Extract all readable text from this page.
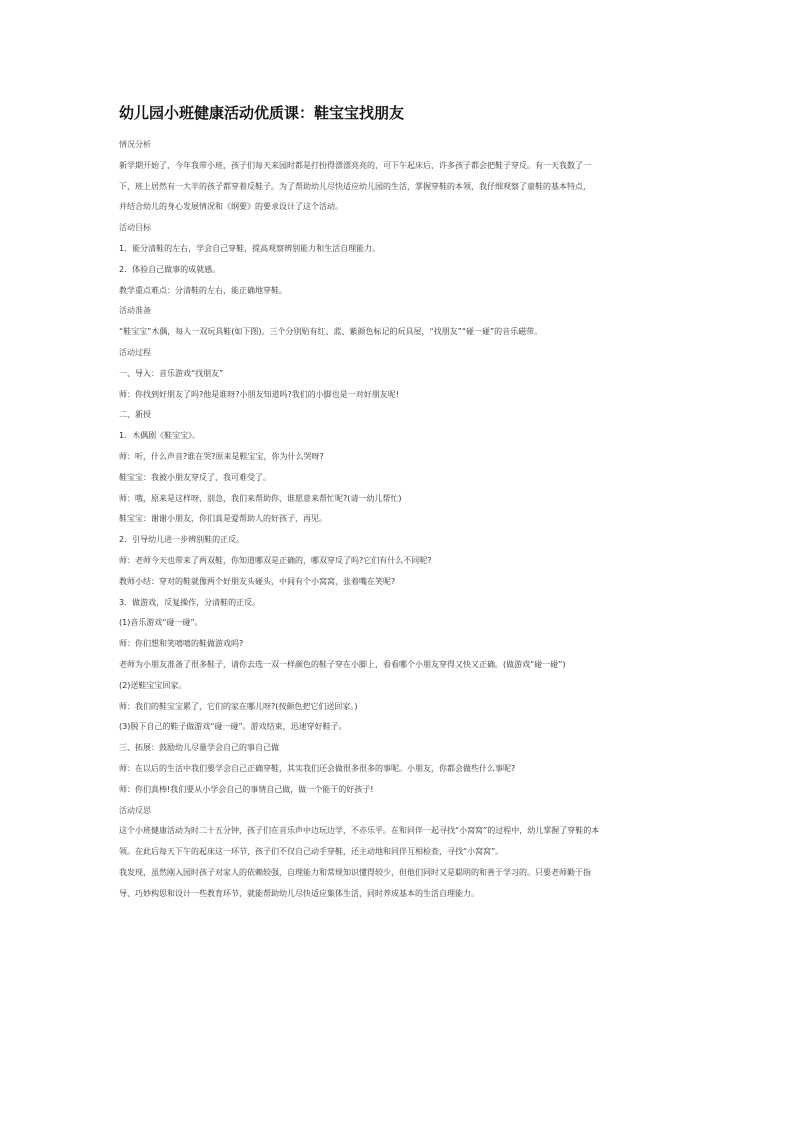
幼儿园小班健康活动优质课：鞋宝宝找朋友
情况分析
新学期开始了，今年我带小班，孩子们每天来园时都是打扮得漂漂亮亮的，可下午起床后，许多孩子都会把鞋子穿反。有一天我数了一
下，班上居然有一大半的孩子都穿着反鞋子。为了帮助幼儿尽快适应幼儿园的生活，掌握穿鞋的本领，我仔细观察了童鞋的基本特点，
并结合幼儿的身心发展情况和《纲要》的要求设计了这个活动。
活动目标
1．能分清鞋的左右，学会自己穿鞋，提高观察辨别能力和生活自理能力。
2．体验自己做事的成就感。
教学重点难点：分清鞋的左右，能正确地穿鞋。
活动准备
“鞋宝宝”木偶，每人一双玩具鞋(如下图)。三个分别贴有红、蓝、紫颜色标记的玩具屋，“找朋友”“碰一碰”的音乐磁带。
活动过程
一、导入：音乐游戏“找朋友”
师：你找到好朋友了吗?他是谁呀?小朋友知道吗?我们的小脚也是一对好朋友呢!
二、新授
1．木偶剧《鞋宝宝》。
师：听，什么声音?谁在哭?原来是鞋宝宝，你为什么哭呀?
鞋宝宝：我被小朋友穿反了，我可难受了。
师：哦，原来是这样呀，别急，我们来帮助你，谁愿意来帮忙呢?(请一幼儿帮忙)
鞋宝宝：谢谢小朋友，你们真是爱帮助人的好孩子，再见。
2．引导幼儿进一步辨别鞋的正反。
师：老师今天也带来了两双鞋，你知道哪双是正确的，哪双穿反了吗?它们有什么不同呢?
教师小结：穿对的鞋就像两个好朋友头碰头，中间有个小窝窝，张着嘴在笑呢?
3．做游戏，反复操作，分清鞋的正反。
(1)音乐游戏“碰一碰”。
师：你们想和笑嘻嘻的鞋做游戏吗?
老师为小朋友准备了很多鞋子，请你去选一双一样颜色的鞋子穿在小脚上，看看哪个小朋友穿得又快又正确。(做游戏“碰一碰”)
(2)送鞋宝宝回家。
师：我们的鞋宝宝累了，它们的家在哪儿呀?(按颜色把它们送回家。)
(3)脱下自己的鞋子做游戏“碰一碰”。游戏结束，迅速穿好鞋子。
三、拓展：鼓励幼儿尽量学会自己的事自己做
师：在以后的生活中我们要学会自己正确穿鞋，其实我们还会做很多很多的事呢。小朋友，你都会做些什么事呢?
师：你们真棒!我们要从小学会自己的事情自己做，做一个能干的好孩子!
活动反思
这个小班健康活动为时二十五分钟，孩子们在音乐声中边玩边学，不亦乐乎。在和同伴一起寻找“小窝窝”的过程中，幼儿掌握了穿鞋的本
领。在此后每天下午的起床这一环节，孩子们不仅自己动手穿鞋，还主动地和同伴互相检查，寻找“小窝窝”。
我发现，虽然刚入园时孩子对家人的依赖较强，自理能力和常规知识懂得较少，但他们同时又是聪明的和善于学习的。只要老师勤于指
导、巧妙构思和设计一些教育环节，就能帮助幼儿尽快适应集体生活，同时养成基本的生活自理能力。
